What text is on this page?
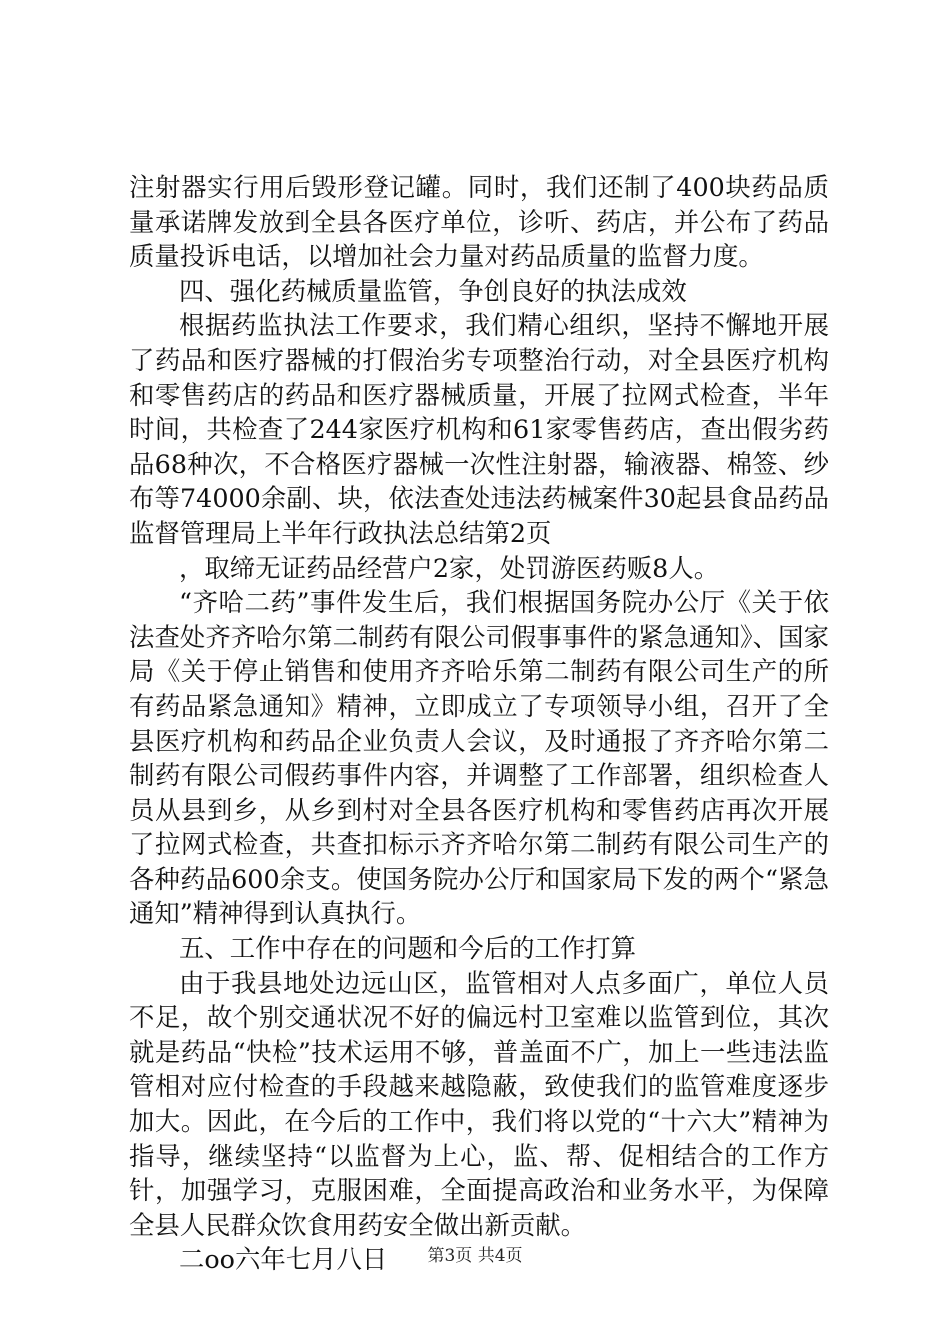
注射器实行用后毁形登记罐。同时，我们还制了400块药品质量承诺牌发放到全县各医疗单位，诊听、药店，并公布了药品质量投诉电话，以增加社会力量对药品质量的监督力度。

四、强化药械质量监管，争创良好的执法成效

根据药监执法工作要求，我们精心组织，坚持不懈地开展了药品和医疗器械的打假治劣专项整治行动，对全县医疗机构和零售药店的药品和医疗器械质量，开展了拉网式检查，半年时间，共检查了244家医疗机构和61家零售药店，查出假劣药品68种次，不合格医疗器械一次性注射器，输液器、棉签、纱布等74000余副、块，依法查处违法药械案件30起县食品药品监督管理局上半年行政执法总结第2页

，取缔无证药品经营户2家，处罚游医药贩8人。

“齐哈二药”事件发生后，我们根据国务院办公厅《关于依法查处齐齐哈尔第二制药有限公司假事事件的紧急通知》、国家局《关于停止销售和使用齐齐哈乐第二制药有限公司生产的所有药品紧急通知》精神，立即成立了专项领导小组，召开了全县医疗机构和药品企业负责人会议，及时通报了齐齐哈尔第二制药有限公司假药事件内容，并调整了工作部署，组织检查人员从县到乡，从乡到村对全县各医疗机构和零售药店再次开展了拉网式检查，共查扣标示齐齐哈尔第二制药有限公司生产的各种药品600余支。使国务院办公厅和国家局下发的两个“紧急通知”精神得到认真执行。

五、工作中存在的问题和今后的工作打算

由于我县地处边远山区，监管相对人点多面广，单位人员不足，故个别交通状况不好的偏远村卫室难以监管到位，其次就是药品“快检”技术运用不够，普盖面不广，加上一些违法监管相对应付检查的手段越来越隐蔽，致使我们的监管难度逐步加大。因此，在今后的工作中，我们将以党的“十六大”精神为指导，继续坚持“以监督为上心，监、帮、促相结合的工作方针，加强学习，克服困难，全面提高政治和业务水平，为保障全县人民群众饮食用药安全做出新贡献。

二oo六年七月八日	第3页 共4页
